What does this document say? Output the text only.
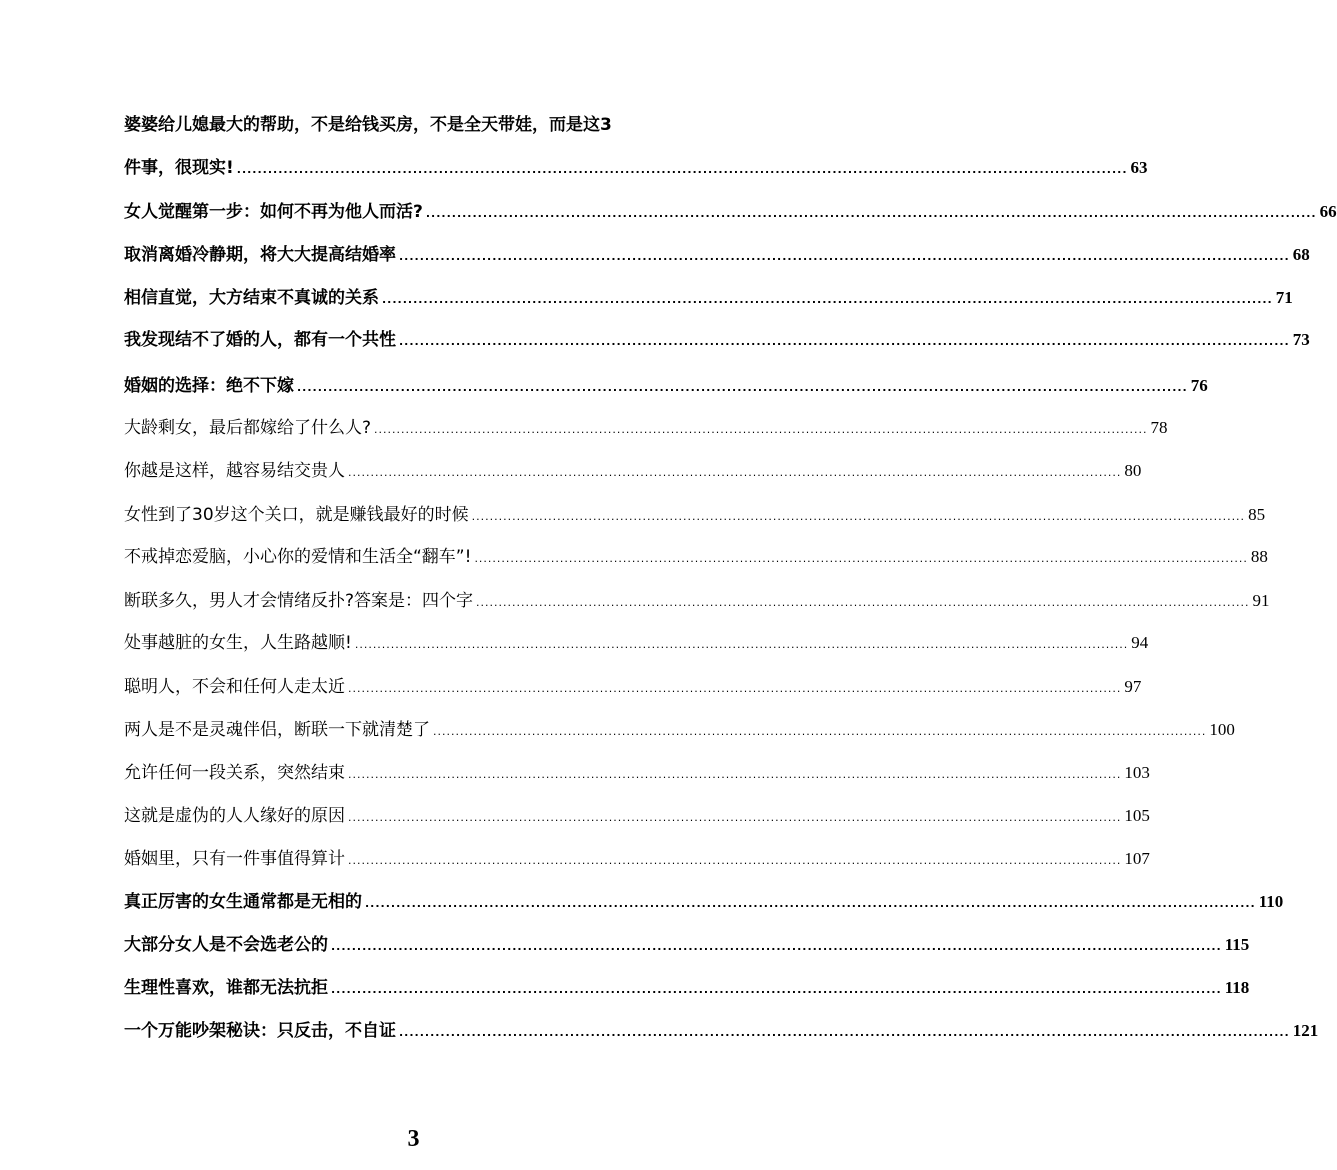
婆婆给儿媳最大的帮助，不是给钱买房，不是全天带娃，而是这3
件事，很现实! ............................................................................................................................................................................ 63
女人觉醒第一步：如何不再为他人而活? ............................................................................................................................................................................ 66
取消离婚冷静期，将大大提高结婚率 ............................................................................................................................................................................ 68
相信直觉，大方结束不真诚的关系 ............................................................................................................................................................................ 71
我发现结不了婚的人，都有一个共性 ............................................................................................................................................................................ 73
婚姻的选择：绝不下嫁 ............................................................................................................................................................................ 76
大龄剩女，最后都嫁给了什么人? ............................................................................................................................................................................ 78
你越是这样，越容易结交贵人 ............................................................................................................................................................................ 80
女性到了30岁这个关口，就是赚钱最好的时候 ............................................................................................................................................................................ 85
不戒掉恋爱脑，小心你的爱情和生活全“翻车”! ............................................................................................................................................................................ 88
断联多久，男人才会情绪反扑?答案是：四个字 ............................................................................................................................................................................ 91
处事越脏的女生，人生路越顺! ............................................................................................................................................................................ 94
聪明人，不会和任何人走太近 ............................................................................................................................................................................ 97
两人是不是灵魂伴侣，断联一下就清楚了 ............................................................................................................................................................................ 100
允许任何一段关系，突然结束 ............................................................................................................................................................................ 103
这就是虚伪的人人缘好的原因 ............................................................................................................................................................................ 105
婚姻里，只有一件事值得算计 ............................................................................................................................................................................ 107
真正厉害的女生通常都是无相的 ............................................................................................................................................................................ 110
大部分女人是不会选老公的 ............................................................................................................................................................................ 115
生理性喜欢，谁都无法抗拒 ............................................................................................................................................................................ 118
一个万能吵架秘诀：只反击，不自证 ............................................................................................................................................................................ 121
3
